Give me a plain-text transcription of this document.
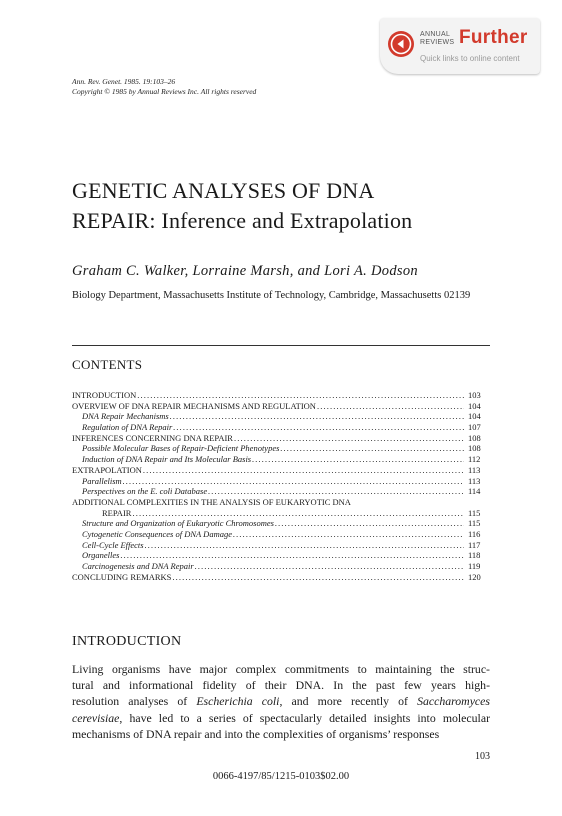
ANNUAL
REVIEWS Further
Quick links to online content
Ann. Rev. Genet. 1985. 19:103–26
Copyright © 1985 by Annual Reviews Inc. All rights reserved
GENETIC ANALYSES OF DNA
REPAIR: Inference and Extrapolation
Graham C. Walker, Lorraine Marsh, and Lori A. Dodson
Biology Department, Massachusetts Institute of Technology, Cambridge, Massachusetts 02139
CONTENTS
INTRODUCTION . . .	103
OVERVIEW OF DNA REPAIR MECHANISMS AND REGULATION . . .	104
DNA Repair Mechanisms . . .	104
Regulation of DNA Repair . . .	107
INFERENCES CONCERNING DNA REPAIR . . .	108
Possible Molecular Bases of Repair-Deficient Phenotypes . . .	108
Induction of DNA Repair and Its Molecular Basis . . .	112
EXTRAPOLATION . . .	113
Parallelism . . .	113
Perspectives on the E. coli Database . . .	114
ADDITIONAL COMPLEXITIES IN THE ANALYSIS OF EUKARYOTIC DNA
REPAIR . . .	115
Structure and Organization of Eukaryotic Chromosomes . . .	115
Cytogenetic Consequences of DNA Damage . . .	116
Cell-Cycle Effects . . .	117
Organelles . . .	118
Carcinogenesis and DNA Repair . . .	119
CONCLUDING REMARKS . . .	120
INTRODUCTION
Living organisms have major complex commitments to maintaining the struc-
tural and informational fidelity of their DNA. In the past few years high-
resolution analyses of Escherichia coli, and more recently of Saccharomyces
cerevisiae, have led to a series of spectacularly detailed insights into molecular
mechanisms of DNA repair and into the complexities of organisms’ responses
103
0066-4197/85/1215-0103$02.00
